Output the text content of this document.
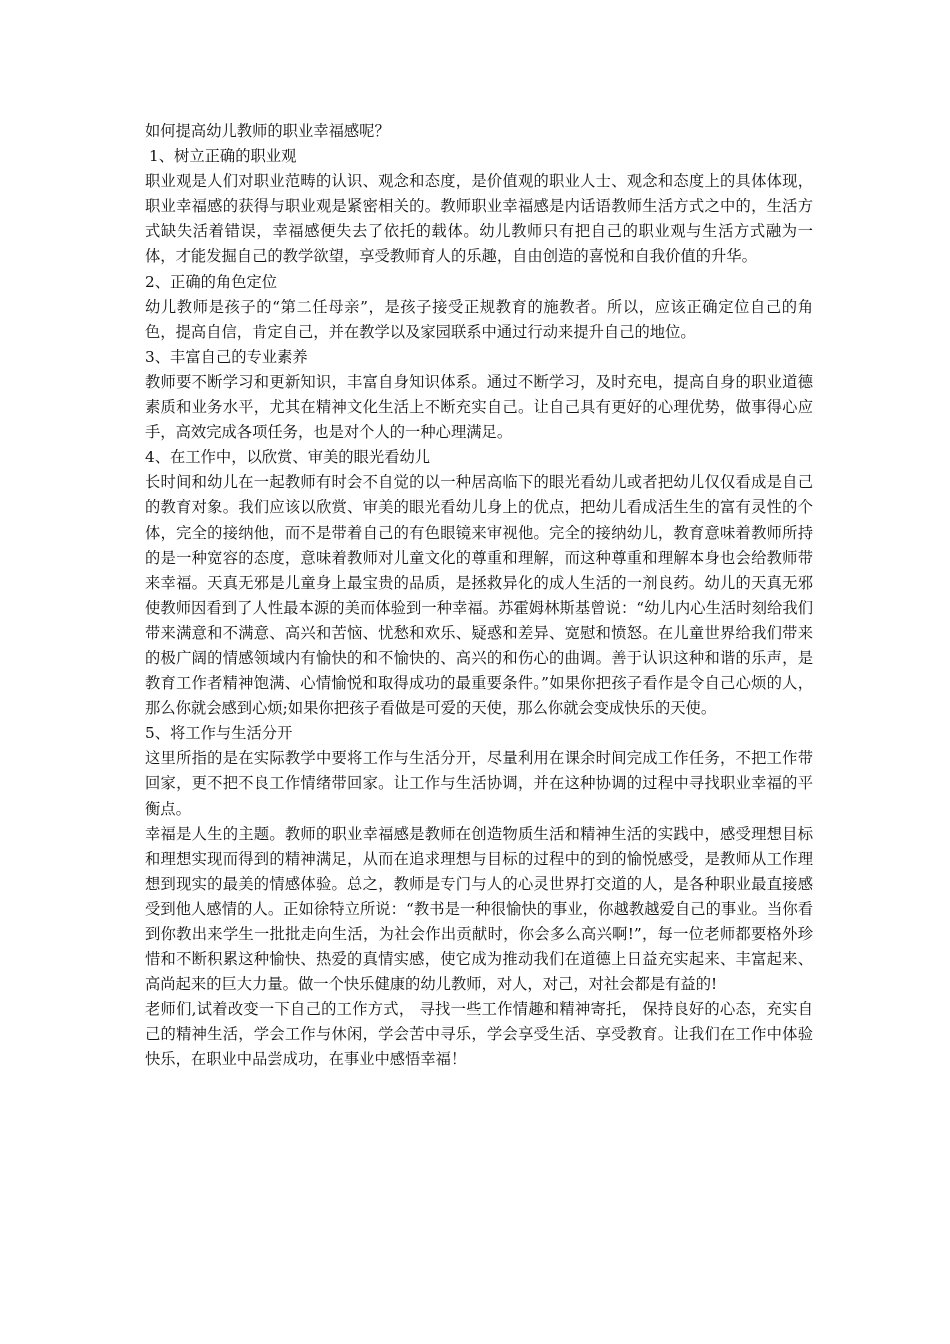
如何提高幼儿教师的职业幸福感呢？

1、树立正确的职业观

职业观是人们对职业范畴的认识、观念和态度，是价值观的职业人士、观念和态度上的具体体现，职业幸福感的获得与职业观是紧密相关的。教师职业幸福感是内话语教师生活方式之中的，生活方式缺失活着错误，幸福感便失去了依托的载体。幼儿教师只有把自己的职业观与生活方式融为一体，才能发掘自己的教学欲望，享受教师育人的乐趣，自由创造的喜悦和自我价值的升华。

2、正确的角色定位

幼儿教师是孩子的“第二任母亲”，是孩子接受正规教育的施教者。所以，应该正确定位自己的角色，提高自信，肯定自己，并在教学以及家园联系中通过行动来提升自己的地位。

3、丰富自己的专业素养

教师要不断学习和更新知识，丰富自身知识体系。通过不断学习，及时充电，提高自身的职业道德素质和业务水平，尤其在精神文化生活上不断充实自己。让自己具有更好的心理优势，做事得心应手，高效完成各项任务，也是对个人的一种心理满足。

4、在工作中，以欣赏、审美的眼光看幼儿

长时间和幼儿在一起教师有时会不自觉的以一种居高临下的眼光看幼儿或者把幼儿仅仅看成是自己的教育对象。我们应该以欣赏、审美的眼光看幼儿身上的优点，把幼儿看成活生生的富有灵性的个体，完全的接纳他，而不是带着自己的有色眼镜来审视他。完全的接纳幼儿，教育意味着教师所持的是一种宽容的态度，意味着教师对儿童文化的尊重和理解，而这种尊重和理解本身也会给教师带来幸福。天真无邪是儿童身上最宝贵的品质，是拯救异化的成人生活的一剂良药。幼儿的天真无邪使教师因看到了人性最本源的美而体验到一种幸福。苏霍姆林斯基曾说：“幼儿内心生活时刻给我们带来满意和不满意、高兴和苦恼、忧愁和欢乐、疑惑和差异、宽慰和愤怒。在儿童世界给我们带来的极广阔的情感领域内有愉快的和不愉快的、高兴的和伤心的曲调。善于认识这种和谐的乐声，是教育工作者精神饱满、心情愉悦和取得成功的最重要条件。”如果你把孩子看作是令自己心烦的人，那么你就会感到心烦;如果你把孩子看做是可爱的天使，那么你就会变成快乐的天使。

5、将工作与生活分开

这里所指的是在实际教学中要将工作与生活分开，尽量利用在课余时间完成工作任务，不把工作带回家，更不把不良工作情绪带回家。让工作与生活协调，并在这种协调的过程中寻找职业幸福的平衡点。

幸福是人生的主题。教师的职业幸福感是教师在创造物质生活和精神生活的实践中，感受理想目标和理想实现而得到的精神满足，从而在追求理想与目标的过程中的到的愉悦感受，是教师从工作理想到现实的最美的情感体验。总之，教师是专门与人的心灵世界打交道的人，是各种职业最直接感受到他人感情的人。正如徐特立所说：“教书是一种很愉快的事业，你越教越爱自己的事业。当你看到你教出来学生一批批走向生活，为社会作出贡献时，你会多么高兴啊!”，每一位老师都要格外珍惜和不断积累这种愉快、热爱的真情实感，使它成为推动我们在道德上日益充实起来、丰富起来、高尚起来的巨大力量。做一个快乐健康的幼儿教师，对人，对己，对社会都是有益的!

老师们,试着改变一下自己的工作方式， 寻找一些工作情趣和精神寄托， 保持良好的心态，充实自己的精神生活，学会工作与休闲，学会苦中寻乐，学会享受生活、享受教育。让我们在工作中体验快乐，在职业中品尝成功，在事业中感悟幸福！
